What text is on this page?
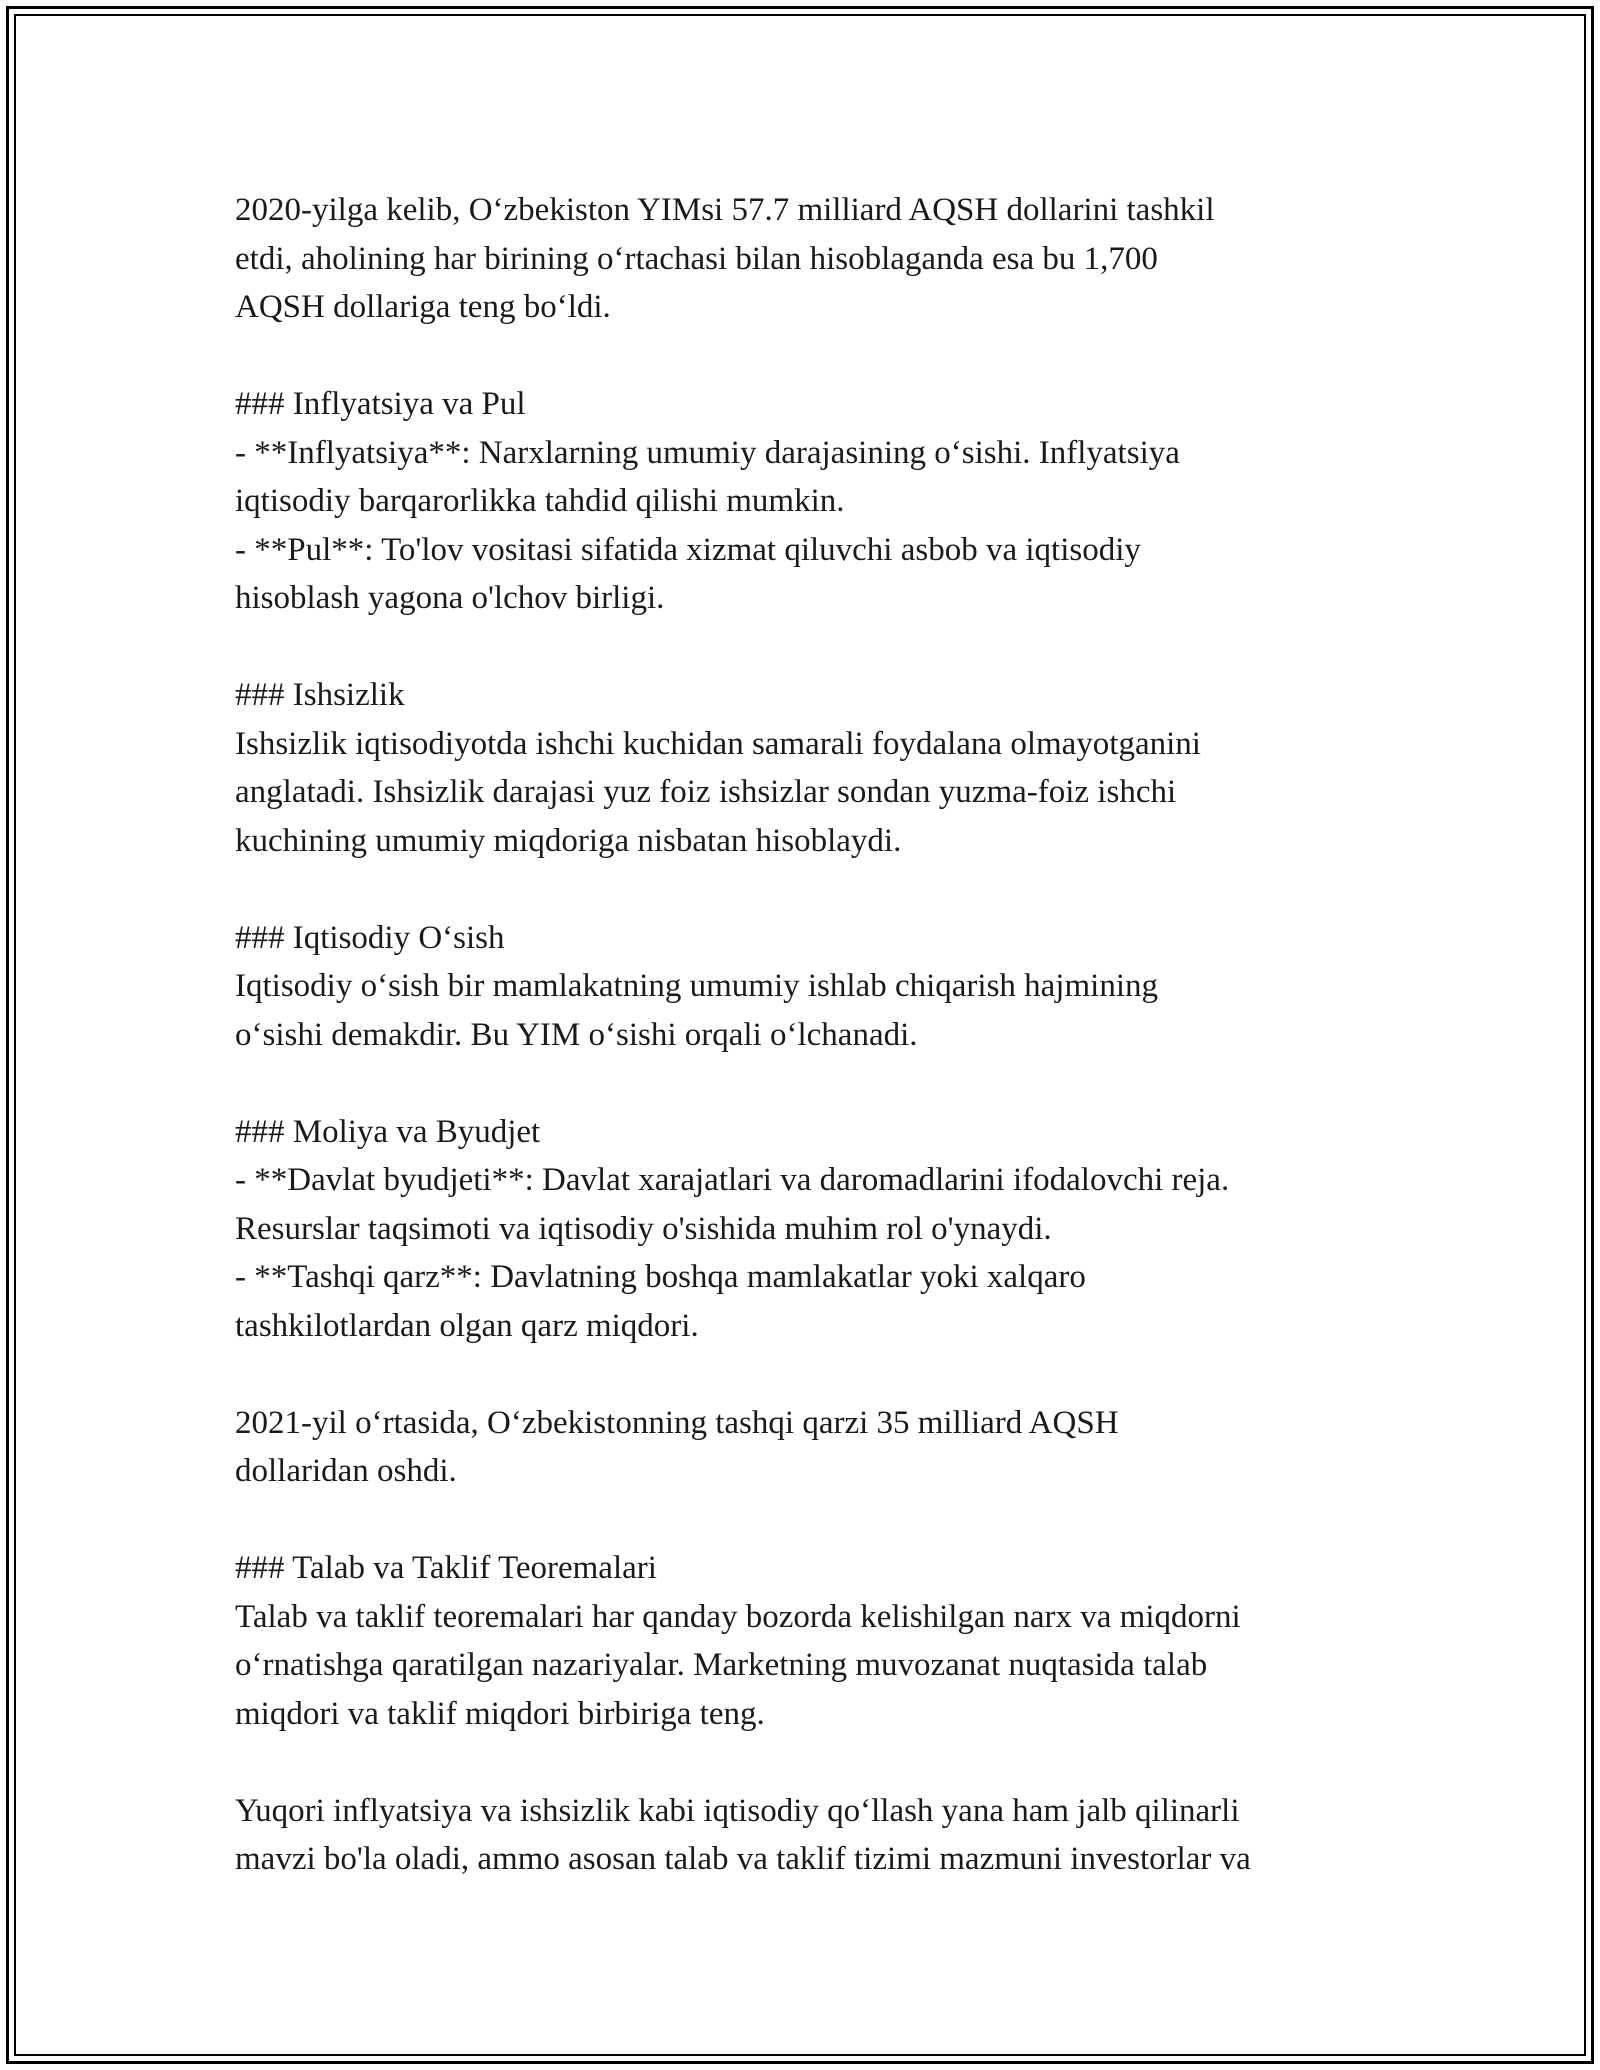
2020-yilga kelib, O‘zbekiston YIMsi 57.7 milliard AQSH dollarini tashkil
etdi, aholining har birining o‘rtachasi bilan hisoblaganda esa bu 1,700
AQSH dollariga teng bo‘ldi.
### Inflyatsiya va Pul
- **Inflyatsiya**: Narxlarning umumiy darajasining o‘sishi. Inflyatsiya
iqtisodiy barqarorlikka tahdid qilishi mumkin.
- **Pul**: To'lov vositasi sifatida xizmat qiluvchi asbob va iqtisodiy
hisoblash yagona o'lchov birligi.
### Ishsizlik
Ishsizlik iqtisodiyotda ishchi kuchidan samarali foydalana olmayotganini
anglatadi. Ishsizlik darajasi yuz foiz ishsizlar sondan yuzma-foiz ishchi
kuchining umumiy miqdoriga nisbatan hisoblaydi.
### Iqtisodiy O‘sish
Iqtisodiy o‘sish bir mamlakatning umumiy ishlab chiqarish hajmining
o‘sishi demakdir. Bu YIM o‘sishi orqali o‘lchanadi.
### Moliya va Byudjet
- **Davlat byudjeti**: Davlat xarajatlari va daromadlarini ifodalovchi reja.
Resurslar taqsimoti va iqtisodiy o'sishida muhim rol o'ynaydi.
- **Tashqi qarz**: Davlatning boshqa mamlakatlar yoki xalqaro
tashkilotlardan olgan qarz miqdori.
2021-yil o‘rtasida, O‘zbekistonning tashqi qarzi 35 milliard AQSH
dollaridan oshdi.
### Talab va Taklif Teoremalari
Talab va taklif teoremalari har qanday bozorda kelishilgan narx va miqdorni
o‘rnatishga qaratilgan nazariyalar. Marketning muvozanat nuqtasida talab
miqdori va taklif miqdori birbiriga teng.
Yuqori inflyatsiya va ishsizlik kabi iqtisodiy qo‘llash yana ham jalb qilinarli
mavzi bo'la oladi, ammo asosan talab va taklif tizimi mazmuni investorlar va
